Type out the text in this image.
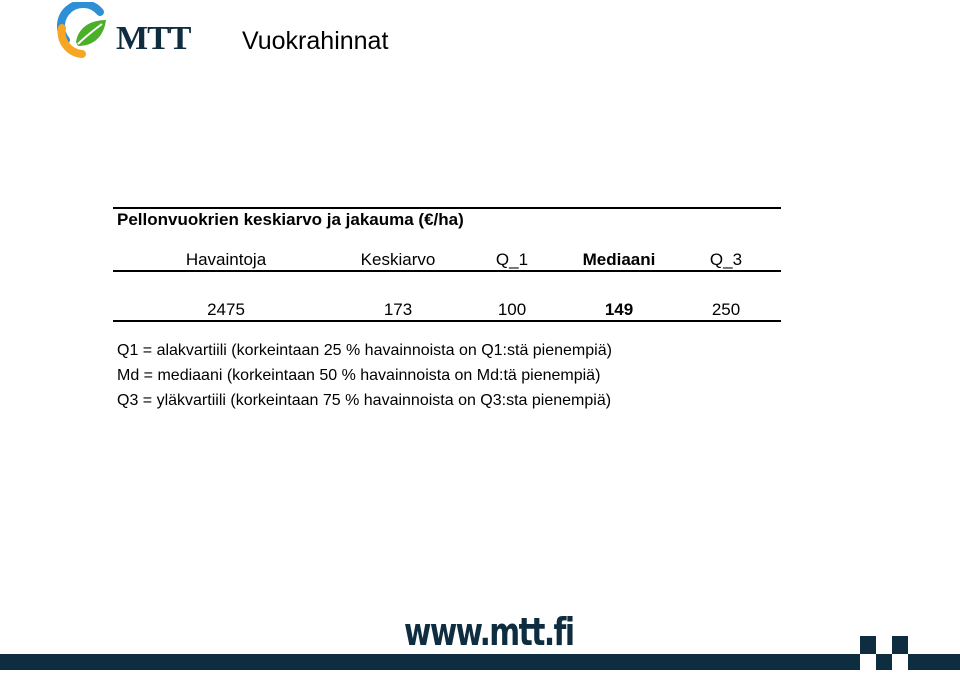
MTT Vuokrahinnat
Pellonvuokrien keskiarvo ja jakauma (€/ha)
Havaintoja	Keskiarvo	Q_1	Mediaani	Q_3
2475	173	100	149	250
Q1 = alakvartiili (korkeintaan 25 % havainnoista on Q1:stä pienempiä)
Md = mediaani (korkeintaan 50 % havainnoista on Md:tä pienempiä)
Q3 = yläkvartiili (korkeintaan 75 % havainnoista on Q3:sta pienempiä)
www.mtt.fi
